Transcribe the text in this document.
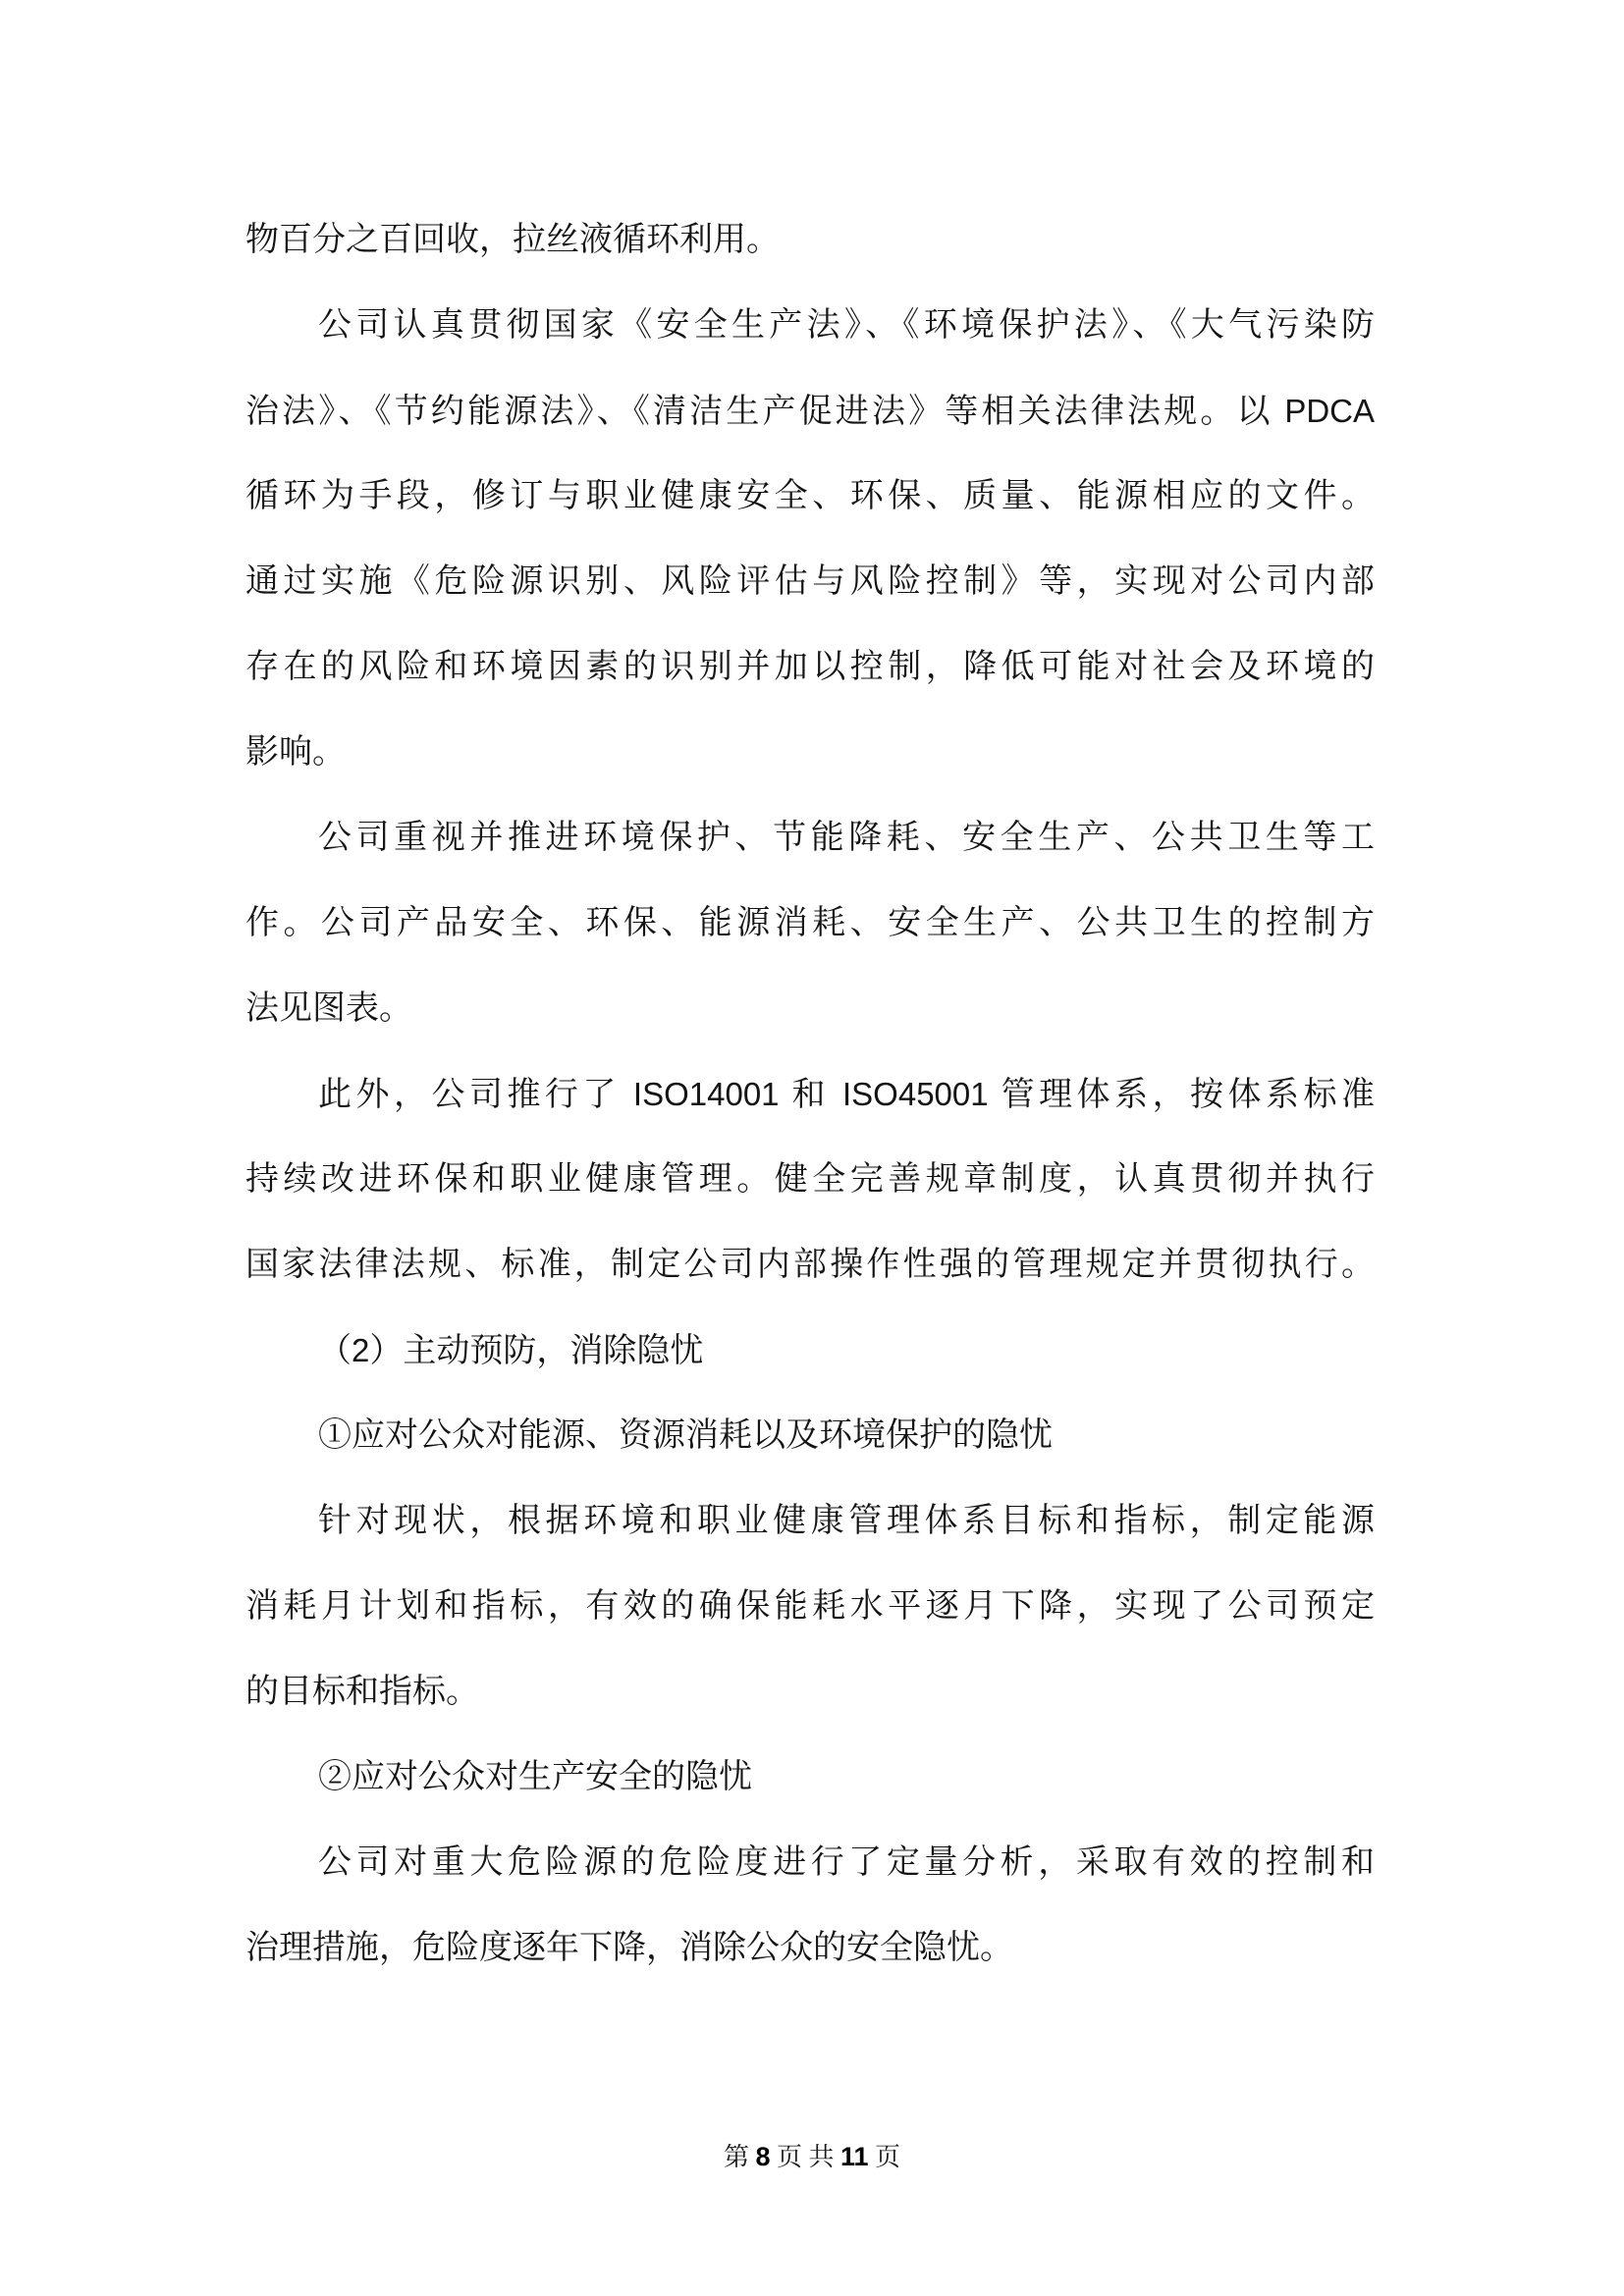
物百分之百回收，拉丝液循环利用。
公司认真贯彻国家《安全生产法》、《环境保护法》、《大气污染防
治法》、《节约能源法》、《清洁生产促进法》等相关法律法规。以 PDCA
循环为手段，修订与职业健康安全、环保、质量、能源相应的文件。
通过实施《危险源识别、风险评估与风险控制》等，实现对公司内部
存在的风险和环境因素的识别并加以控制，降低可能对社会及环境的
影响。
公司重视并推进环境保护、节能降耗、安全生产、公共卫生等工
作。公司产品安全、环保、能源消耗、安全生产、公共卫生的控制方
法见图表。
此外，公司推行了 ISO14001 和 ISO45001 管理体系，按体系标准
持续改进环保和职业健康管理。健全完善规章制度，认真贯彻并执行
国家法律法规、标准，制定公司内部操作性强的管理规定并贯彻执行。
（2）主动预防，消除隐忧
①应对公众对能源、资源消耗以及环境保护的隐忧
针对现状，根据环境和职业健康管理体系目标和指标，制定能源
消耗月计划和指标，有效的确保能耗水平逐月下降，实现了公司预定
的目标和指标。
②应对公众对生产安全的隐忧
公司对重大危险源的危险度进行了定量分析，采取有效的控制和
治理措施，危险度逐年下降，消除公众的安全隐忧。
第 8 页 共 11 页
